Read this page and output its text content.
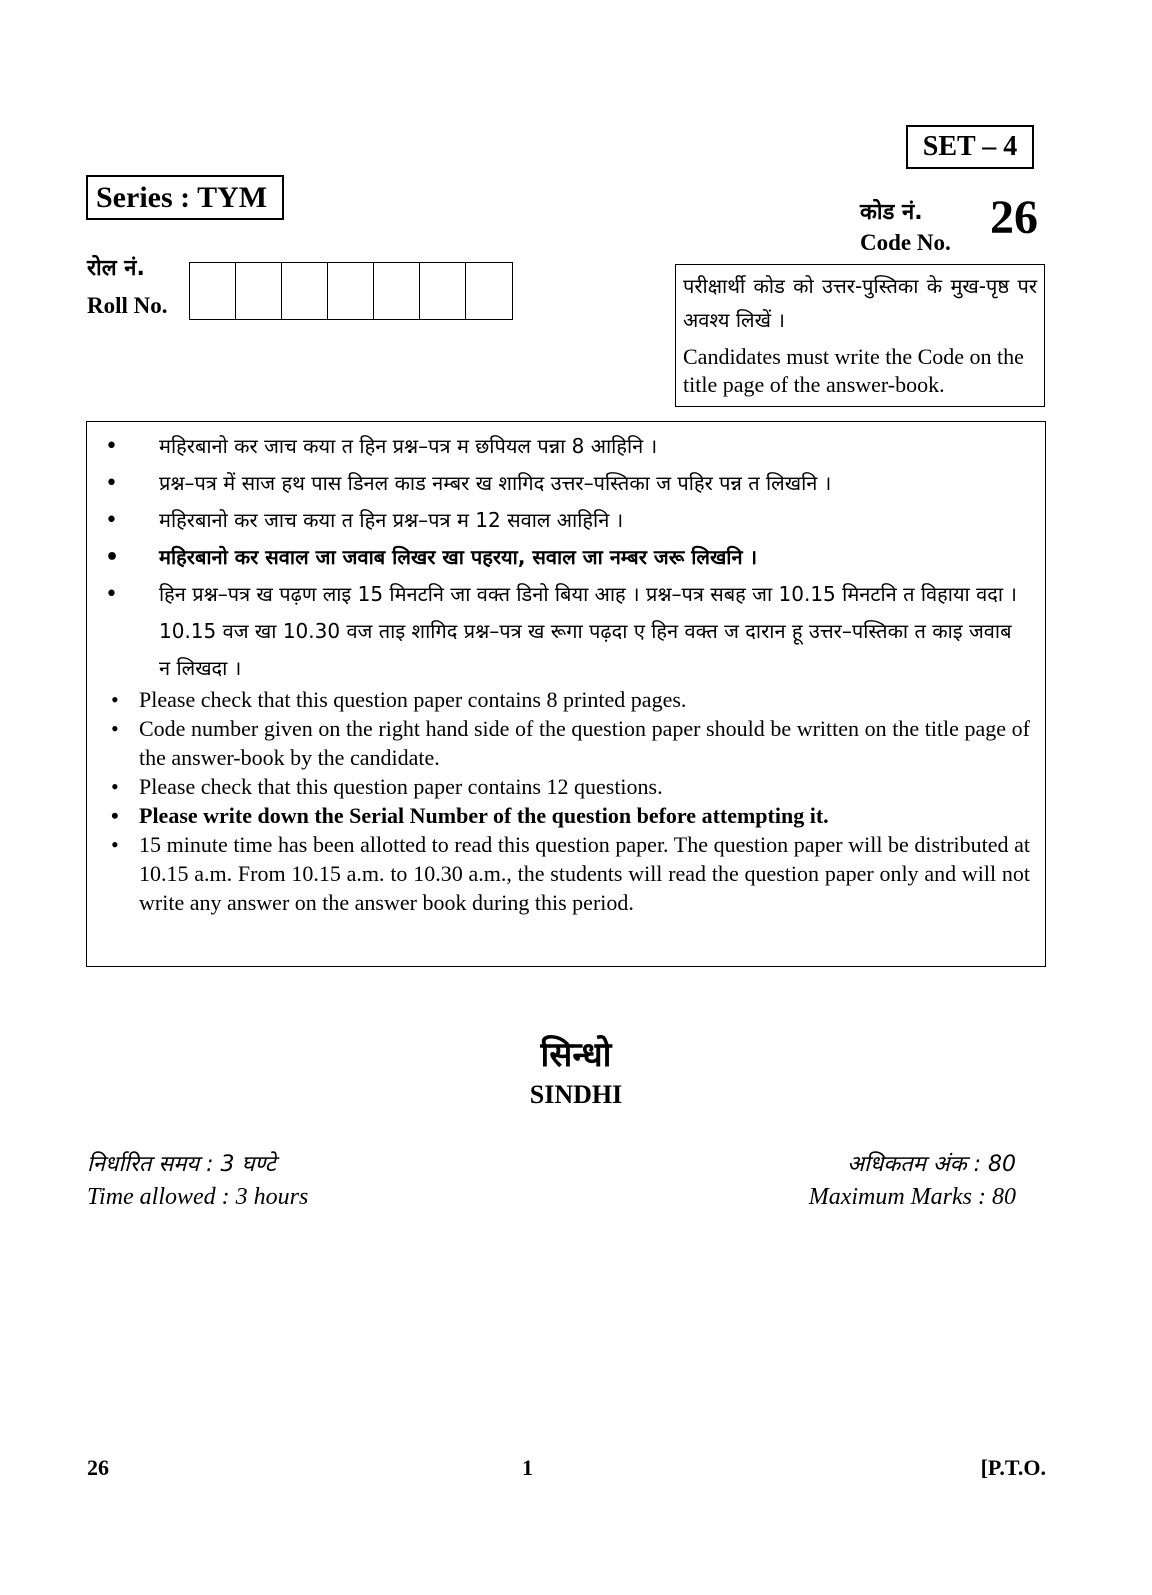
SET – 4
Series : TYM	कोड नं. 26
Code No.
रोल नं.
Roll No.
परीक्षार्थी कोड को उत्तर-पुस्तिका के मुख-पृष्ठ पर अवश्य लिखें ।
Candidates must write the Code on the title page of the answer-book.
• महिरबानो कर जाच कया त हिन प्रश्न–पत्र म छपियल पन्ना 8 आहिनि ।
• प्रश्न–पत्र में साज हथ पास डिनल काड नम्बर ख शागिद उत्तर–पस्तिका ज पहिर पन्न त लिखनि ।
• महिरबानो कर जाच कया त हिन प्रश्न–पत्र म 12 सवाल आहिनि ।
• महिरबानो कर सवाल जा जवाब लिखर खा पहरया, सवाल जा नम्बर जरू लिखनि ।
• हिन प्रश्न–पत्र ख पढ़ण लाइ 15 मिनटनि जा वक्त डिनो बिया आह । प्रश्न–पत्र सबह जा 10.15 मिनटनि त विहाया वदा । 10.15 वज खा 10.30 वज ताइ शागिद प्रश्न–पत्र ख रूगा पढ़दा ए हिन वक्त ज दारान हू उत्तर–पस्तिका त काइ जवाब न लिखदा ।
• Please check that this question paper contains 8 printed pages.
• Code number given on the right hand side of the question paper should be written on the title page of the answer-book by the candidate.
• Please check that this question paper contains 12 questions.
• Please write down the Serial Number of the question before attempting it.
• 15 minute time has been allotted to read this question paper. The question paper will be distributed at 10.15 a.m. From 10.15 a.m. to 10.30 a.m., the students will read the question paper only and will not write any answer on the answer book during this period.
सिन्धो
SINDHI
निर्धारित समय : 3 घण्टे
Time allowed : 3 hours
अधिकतम अंक : 80
Maximum Marks : 80
26	1	[P.T.O.
